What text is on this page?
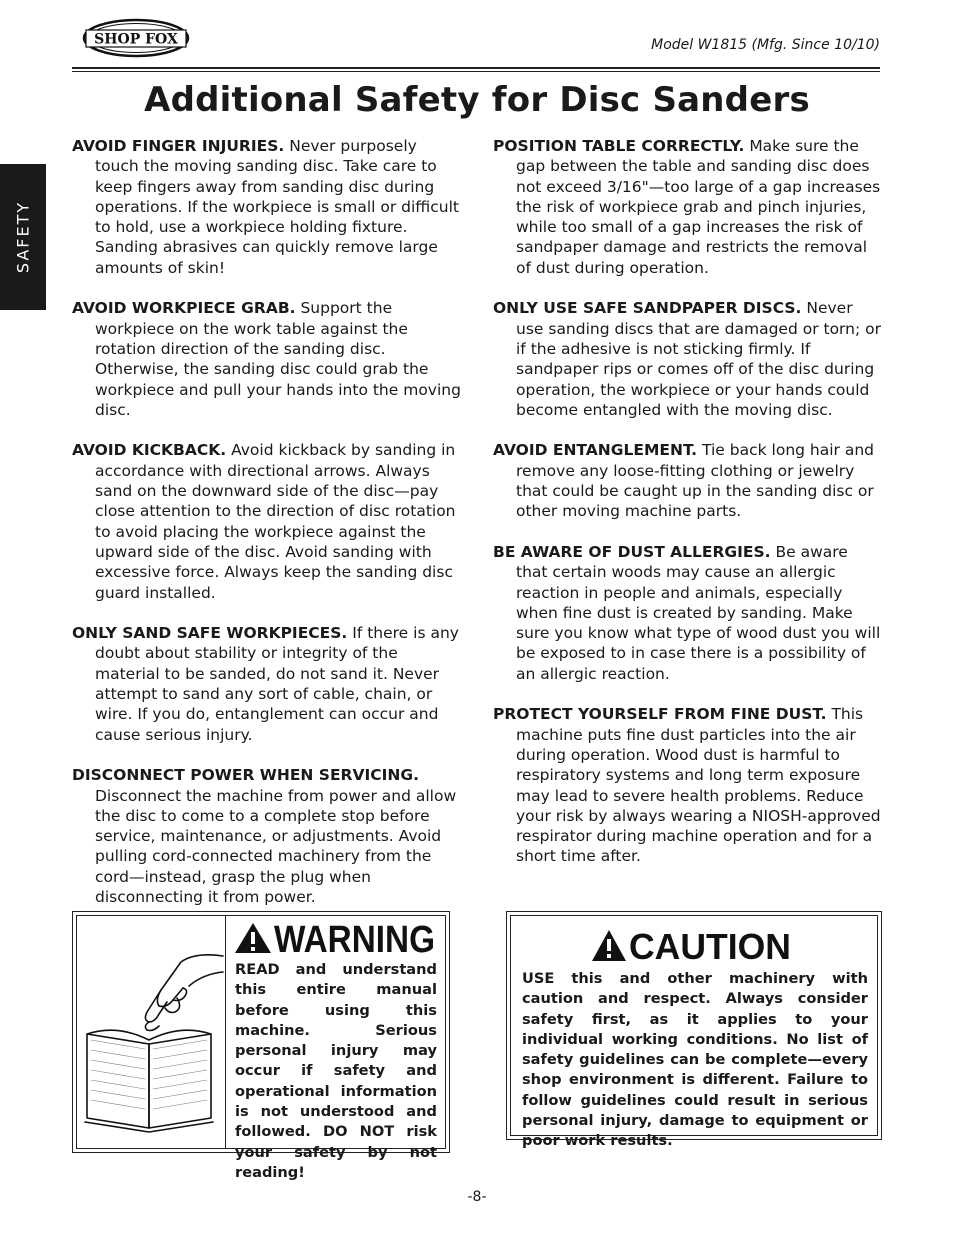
SHOP FOX	Model W1815 (Mfg. Since 10/10)
SAFETY
Additional Safety for Disc Sanders

AVOID FINGER INJURIES. Never purposely touch the moving sanding disc. Take care to keep fingers away from sanding disc during operations. If the workpiece is small or difficult to hold, use a workpiece holding fixture. Sanding abrasives can quickly remove large amounts of skin!

AVOID WORKPIECE GRAB. Support the workpiece on the work table against the rotation direction of the sanding disc. Otherwise, the sanding disc could grab the workpiece and pull your hands into the moving disc.

AVOID KICKBACK. Avoid kickback by sanding in accordance with directional arrows. Always sand on the downward side of the disc—pay close attention to the direction of disc rotation to avoid placing the workpiece against the upward side of the disc. Avoid sanding with excessive force. Always keep the sanding disc guard installed.

ONLY SAND SAFE WORKPIECES. If there is any doubt about stability or integrity of the material to be sanded, do not sand it. Never attempt to sand any sort of cable, chain, or wire. If you do, entanglement can occur and cause serious injury.

DISCONNECT POWER WHEN SERVICING. Disconnect the machine from power and allow the disc to come to a complete stop before service, maintenance, or adjustments. Avoid pulling cord-connected machinery from the cord—instead, grasp the plug when disconnecting it from power.

POSITION TABLE CORRECTLY. Make sure the gap between the table and sanding disc does not exceed 3/16"—too large of a gap increases the risk of workpiece grab and pinch injuries, while too small of a gap increases the risk of sandpaper damage and restricts the removal of dust during operation.

ONLY USE SAFE SANDPAPER DISCS. Never use sanding discs that are damaged or torn; or if the adhesive is not sticking firmly. If sandpaper rips or comes off of the disc during operation, the workpiece or your hands could become entangled with the moving disc.

AVOID ENTANGLEMENT. Tie back long hair and remove any loose-fitting clothing or jewelry that could be caught up in the sanding disc or other moving machine parts.

BE AWARE OF DUST ALLERGIES. Be aware that certain woods may cause an allergic reaction in people and animals, especially when fine dust is created by sanding. Make sure you know what type of wood dust you will be exposed to in case there is a possibility of an allergic reaction.

PROTECT YOURSELF FROM FINE DUST. This machine puts fine dust particles into the air during operation. Wood dust is harmful to respiratory systems and long term exposure may lead to severe health problems. Reduce your risk by always wearing a NIOSH-approved respirator during machine operation and for a short time after.

WARNING
READ and understand this entire manual before using this machine. Serious personal injury may occur if safety and operational information is not understood and followed. DO NOT risk your safety by not reading!
CAUTION
USE this and other machinery with caution and respect. Always consider safety first, as it applies to your individual working conditions. No list of safety guidelines can be complete—every shop environment is different. Failure to follow guidelines could result in serious personal injury, damage to equipment or poor work results.
-8-
